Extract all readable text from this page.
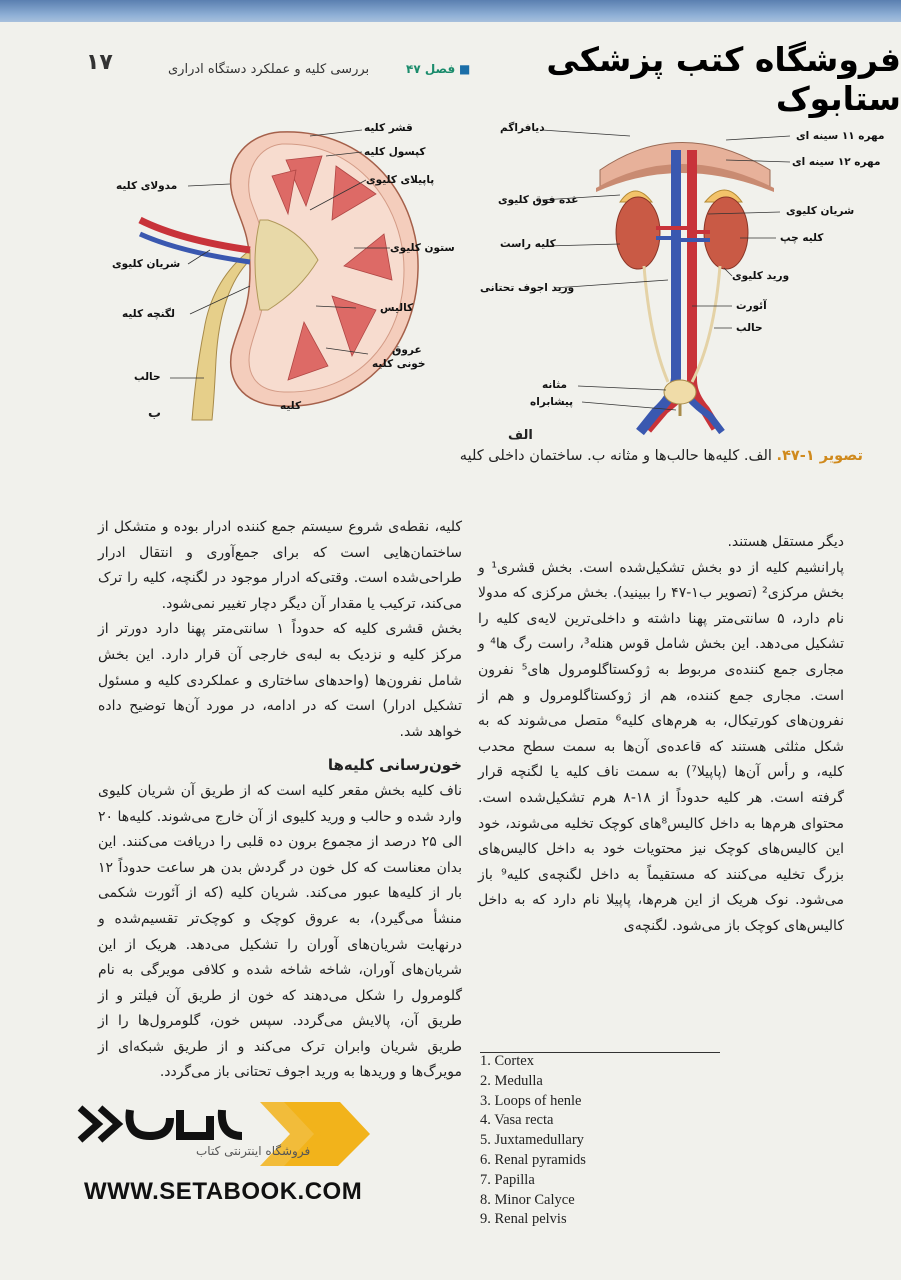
۱۷	■ فصل ۴۷
بررسی کلیه و عملکرد دستگاه ادراری	فروشگاه کتب پزشکی ستابوک
دیافراگم
مهره ۱۱ سینه ای
مهره ۱۲ سینه ای
غده فوق کلیوی
شریان کلیوی
کلیه راست	کلیه چپ
ورید کلیوی
ورید اجوف تحتانی
آئورت
حالب
مثانه
پیشابراه
الف
قشر کلیه
کپسول کلیه
مدولای کلیه	پاپیلای کلیوی
ستون کلیوی
شریان کلیوی
لگنچه کلیه	کالیس
عروق
خونی کلیه
حالب
کلیه
ب
تصویر ۱-۴۷. الف. کلیه‌ها حالب‌ها و مثانه ب. ساختمان داخلی کلیه

دیگر مستقل هستند.

پارانشیم کلیه از دو بخش تشکیل‌شده است. بخش قشری¹ و بخش مرکزی² (تصویر ب۱-۴۷ را ببینید). بخش مرکزی که مدولا نام دارد، ۵ سانتی‌متر پهنا داشته و داخلی‌ترین لایه‌ی کلیه را تشکیل می‌دهد. این بخش شامل قوس هنله³، راست رگ ها⁴ و مجاری جمع کننده‌ی مربوط به ژوکستاگلومرول های⁵ نفرون است. مجاری جمع کننده، هم از ژوکستاگلومرول و هم از نفرون‌های کورتیکال، به هرم‌های کلیه⁶ متصل می‌شوند که به شکل مثلثی هستند که قاعده‌ی آن‌ها به سمت سطح محدب کلیه، و رأس آن‌ها (پاپیلا⁷) به سمت ناف کلیه یا لگنچه قرار گرفته است. هر کلیه حدوداً از ۱۸-۸ هرم تشکیل‌شده است. محتوای هرم‌ها به داخل کالیس⁸های کوچک تخلیه می‌شوند، خود این کالیس‌های کوچک نیز محتویات خود به داخل کالیس‌های بزرگ تخلیه می‌کنند که مستقیماً به داخل لگنچه‌ی کلیه⁹ باز می‌شود. نوک هریک از این هرم‌ها، پاپیلا نام دارد که به داخل کالیس‌های کوچک باز می‌شود. لگنچه‌ی

کلیه، نقطه‌ی شروع سیستم جمع کننده ادرار بوده و متشکل از ساختمان‌هایی است که برای جمع‌آوری و انتقال ادرار طراحی‌شده است. وقتی‌که ادرار موجود در لگنچه، کلیه را ترک می‌کند، ترکیب یا مقدار آن دیگر دچار تغییر نمی‌شود.

بخش قشری کلیه که حدوداً ۱ سانتی‌متر پهنا دارد دورتر از مرکز کلیه و نزدیک به لبه‌ی خارجی آن قرار دارد. این بخش شامل نفرون‌ها (واحدهای ساختاری و عملکردی کلیه و مسئول تشکیل ادرار) است که در ادامه، در مورد آن‌ها توضیح داده خواهد شد.

خون‌رسانی کلیه‌ها

ناف کلیه بخش مقعر کلیه است که از طریق آن شریان کلیوی وارد شده و حالب و ورید کلیوی از آن خارج می‌شوند. کلیه‌ها ۲۰ الی ۲۵ درصد از مجموع برون ده قلبی را دریافت می‌کنند. این بدان معناست که کل خون در گردش بدن هر ساعت حدوداً ۱۲ بار از کلیه‌ها عبور می‌کند. شریان کلیه (که از آئورت شکمی منشأ می‌گیرد)، به عروق کوچک و کوچک‌تر تقسیم‌شده و درنهایت شریان‌های آوران را تشکیل می‌دهد. هریک از این شریان‌های آوران، شاخه شاخه شده و کلافی مویرگی به نام گلومرول را شکل می‌دهند که خون از طریق آن فیلتر و از طریق آن، پالایش می‌گردد. سپس خون، گلومرول‌ها را از طریق شریان وابران ترک می‌کند و از طریق شبکه‌ای از مویرگ‌ها و وریدها به ورید اجوف تحتانی باز می‌گردد.

1. Cortex
2. Medulla
3. Loops of henle
4. Vasa recta
5. Juxtamedullary
6. Renal pyramids
7. Papilla
8. Minor Calyce
9. Renal pelvis
فروشگاه اینترنتی کتاب
WWW.SETABOOK.COM
